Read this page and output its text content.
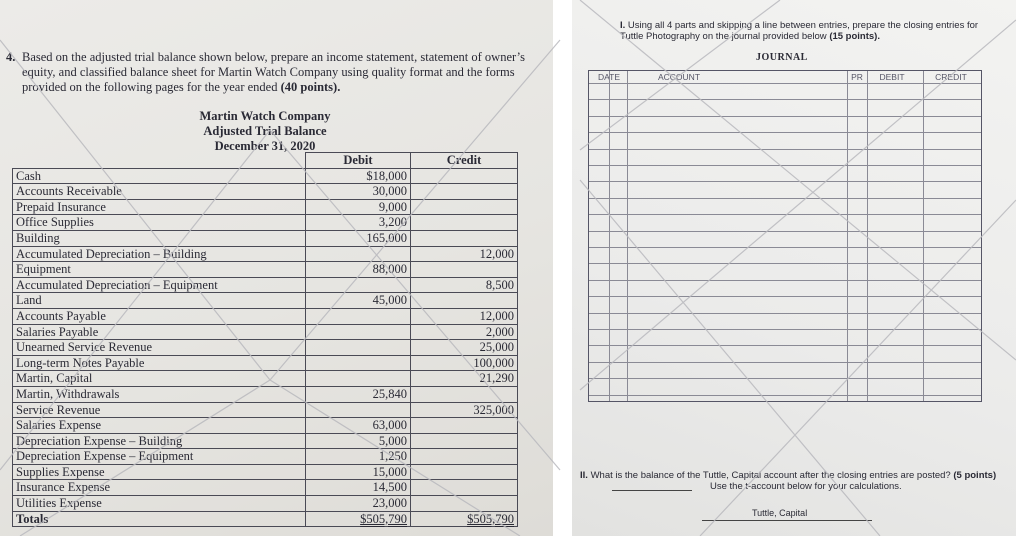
4. Based on the adjusted trial balance shown below, prepare an income statement, statement of owner’s equity, and classified balance sheet for Martin Watch Company using quality format and the forms provided on the following pages for the year ended (40 points).
Martin Watch Company
Adjusted Trial Balance
December 31, 2020
	Debit	Credit
Cash	$18,000	
Accounts Receivable	30,000	
Prepaid Insurance	9,000	
Office Supplies	3,200	
Building	165,000	
Accumulated Depreciation – Building		12,000
Equipment	88,000	
Accumulated Depreciation – Equipment		8,500
Land	45,000	
Accounts Payable		12,000
Salaries Payable		2,000
Unearned Service Revenue		25,000
Long-term Notes Payable		100,000
Martin, Capital		21,290
Martin, Withdrawals	25,840	
Service Revenue		325,000
Salaries Expense	63,000	
Depreciation Expense – Building	5,000	
Depreciation Expense – Equipment	1,250	
Supplies Expense	15,000	
Insurance Expense	14,500	
Utilities Expense	23,000	
Totals	$505,790	$505,790
I. Using all 4 parts and skipping a line between entries, prepare the closing entries for Tuttle Photography on the journal provided below (15 points).
JOURNAL
DATE	ACCOUNT	PR	DEBIT	CREDIT
II. What is the balance of the Tuttle, Capital account after the closing entries are posted? (5 points)
Use the t-account below for your calculations.
Tuttle, Capital
